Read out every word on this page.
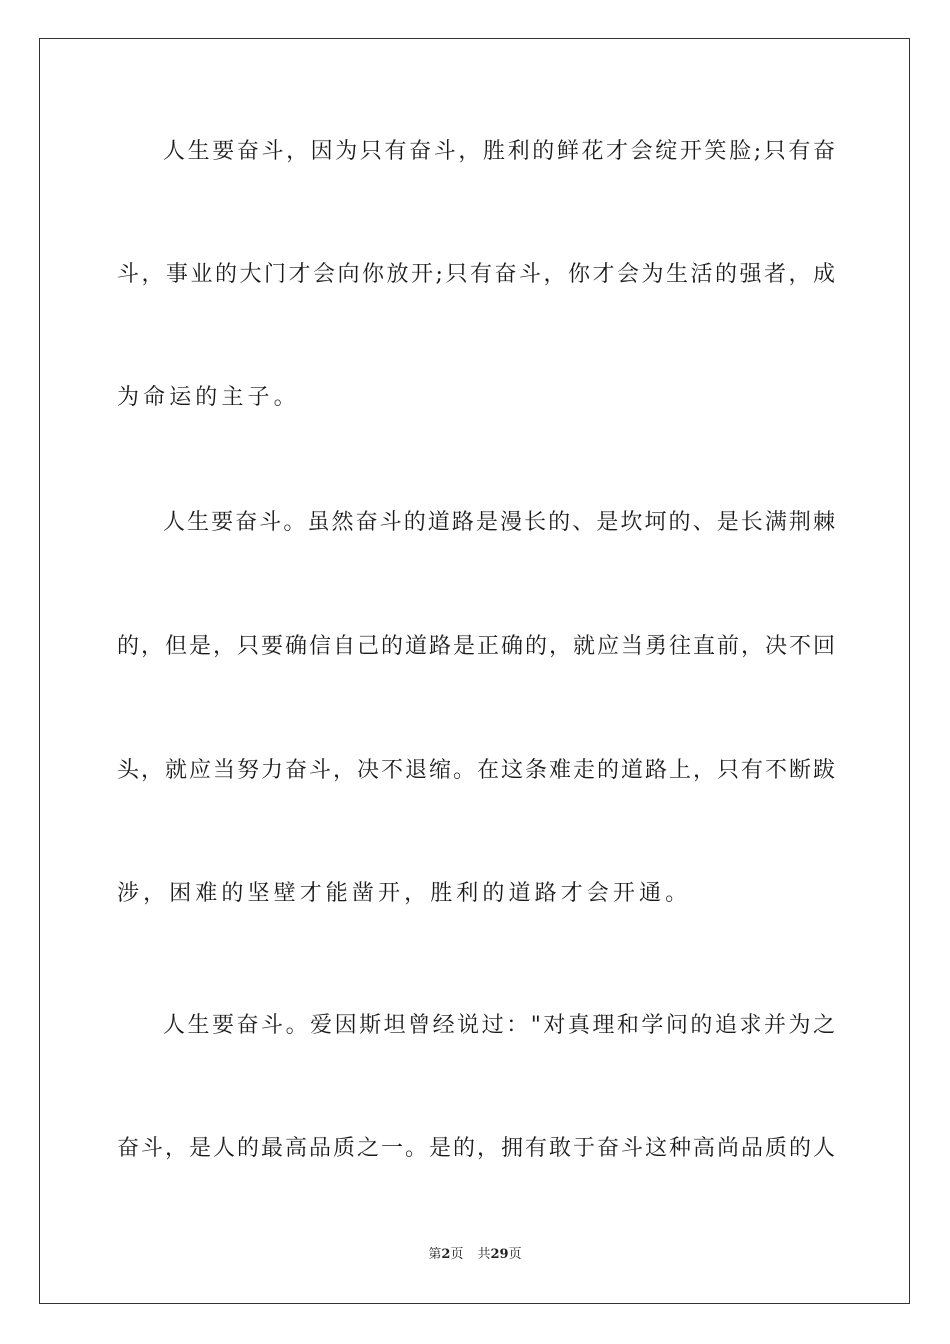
人生要奋斗，因为只有奋斗，胜利的鲜花才会绽开笑脸;只有奋
斗，事业的大门才会向你放开;只有奋斗，你才会为生活的强者，成
为命运的主子。
人生要奋斗。虽然奋斗的道路是漫长的、是坎坷的、是长满荆棘
的，但是，只要确信自己的道路是正确的，就应当勇往直前，决不回
头，就应当努力奋斗，决不退缩。在这条难走的道路上，只有不断跋
涉，困难的坚壁才能凿开，胜利的道路才会开通。
人生要奋斗。爱因斯坦曾经说过："对真理和学问的追求并为之
奋斗，是人的最高品质之一。是的，拥有敢于奋斗这种高尚品质的人
第2页 共29页
